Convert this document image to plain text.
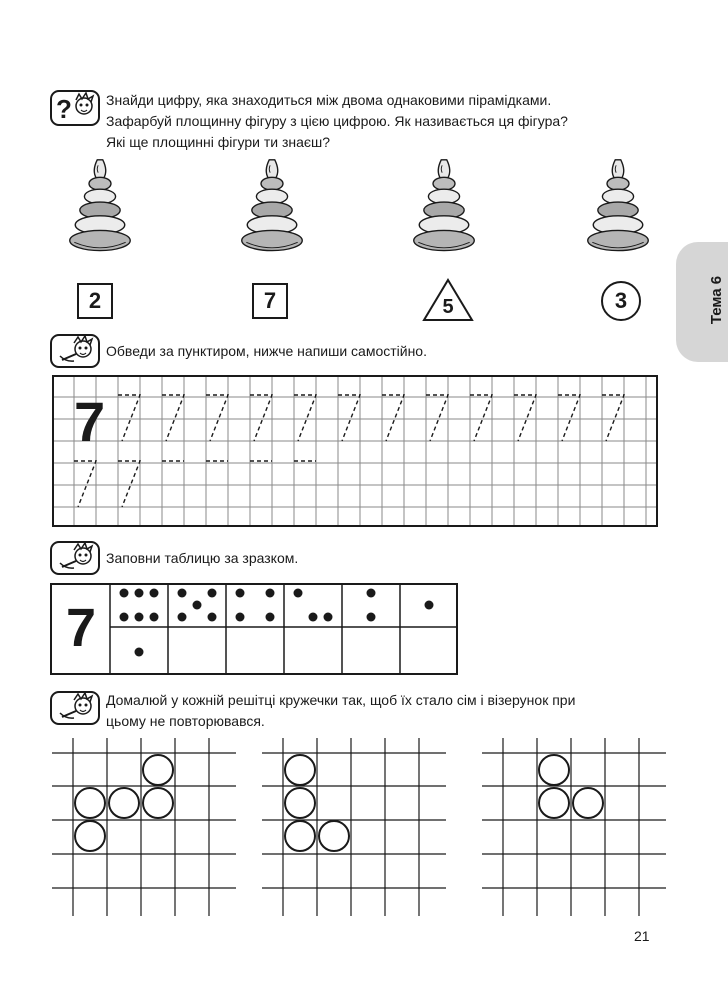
Тема 6
? Знайди цифру, яка знаходиться між двома однаковими пірамідками.
Зафарбуй площинну фігуру з цією цифрою. Як називається ця фігура?
Які ще площинні фігури ти знаєш?
2	7	5	3

Обведи за пунктиром, нижче напиши самостійно.

7

Заповни таблицю за зразком.

7
Домалюй у кожній решітці кружечки так, щоб їх стало сім і візерунок при
цьому не повторювався.
21
